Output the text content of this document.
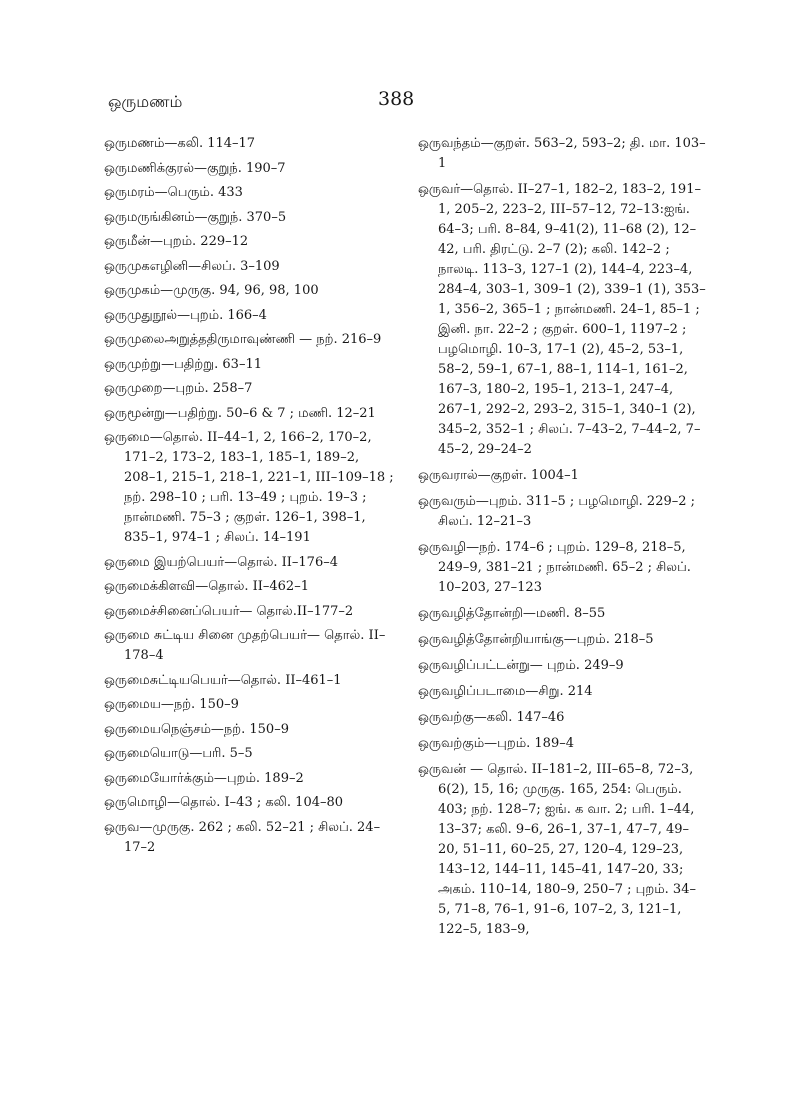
ஒருமணம்	388
ஒருமணம்—கலி. 114–17
ஒருமணிக்குரல்—குறுந். 190–7
ஒருமரம்—பெரும். 433
ஒருமருங்கினம்—குறுந். 370–5
ஒருமீன்—புறம். 229–12
ஒருமுகஎழினி—சிலப். 3–109
ஒருமுகம்—முருகு. 94, 96, 98, 100
ஒருமுதுநூல்—புறம். 166–4
ஒருமுலைஅறுத்ததிருமாவுண்ணி — நற். 216–9
ஒருமுற்று—பதிற்று. 63–11
ஒருமுறை—புறம். 258–7
ஒருமூன்று—பதிற்று. 50–6 & 7 ; மணி. 12–21
ஒருமை—தொல். II–44–1, 2, 166–2, 170–2, 171–2, 173–2, 183–1, 185–1, 189–2, 208–1, 215–1, 218–1, 221–1, III–109–18 ; நற். 298–10 ; பரி. 13–49 ; புறம். 19–3 ; நான்மணி. 75–3 ; குறள். 126–1, 398–1, 835–1, 974–1 ; சிலப். 14–191
ஒருமை இயற்பெயர்—தொல். II–176–4
ஒருமைக்கிளவி—தொல். II–462–1
ஒருமைச்சினைப்பெயர்— தொல்.II–177–2
ஒருமை சுட்டிய சினை முதற்பெயர்— தொல். II–178–4
ஒருமைசுட்டியபெயர்—தொல். II–461–1
ஒருமைய—நற். 150–9
ஒருமையநெஞ்சம்—நற். 150–9
ஒருமையொடு—பரி. 5–5
ஒருமையோர்க்கும்—புறம். 189–2
ஒருமொழி—தொல். I–43 ; கலி. 104–80
ஒருவ—முருகு. 262 ; கலி. 52–21 ; சிலப். 24–17–2
ஒருவந்தம்—குறள். 563–2, 593–2; தி. மா. 103–1
ஒருவர்—தொல். II–27–1, 182–2, 183–2, 191–1, 205–2, 223–2, III–57–12, 72–13:ஐங். 64–3; பரி. 8–84, 9–41(2), 11–68 (2), 12–42, பரி. திரட்டு. 2–7 (2); கலி. 142–2 ; நாலடி. 113–3, 127–1 (2), 144–4, 223–4, 284–4, 303–1, 309–1 (2), 339–1 (1), 353–1, 356–2, 365–1 ; நான்மணி. 24–1, 85–1 ; இனி. நா. 22–2 ; குறள். 600–1, 1197–2 ; பழமொழி. 10–3, 17–1 (2), 45–2, 53–1, 58–2, 59–1, 67–1, 88–1, 114–1, 161–2, 167–3, 180–2, 195–1, 213–1, 247–4, 267–1, 292–2, 293–2, 315–1, 340–1 (2), 345–2, 352–1 ; சிலப். 7–43–2, 7–44–2, 7–45–2, 29–24–2
ஒருவரால்—குறள். 1004–1
ஒருவரும்—புறம். 311–5 ; பழமொழி. 229–2 ; சிலப். 12–21–3
ஒருவழி—நற். 174–6 ; புறம். 129–8, 218–5, 249–9, 381–21 ; நான்மணி. 65–2 ; சிலப். 10–203, 27–123
ஒருவழித்தோன்றி—மணி. 8–55
ஒருவழித்தோன்றியாங்கு—புறம். 218–5
ஒருவழிப்பட்டன்று— புறம். 249–9
ஒருவழிப்படாமை—சிறு. 214
ஒருவற்கு—கலி. 147–46
ஒருவற்கும்—புறம். 189–4
ஒருவன் — தொல். II–181–2, III–65–8, 72–3, 6(2), 15, 16; முருகு. 165, 254: பெரும். 403; நற். 128–7; ஐங். க வா. 2; பரி. 1–44, 13–37; கலி. 9–6, 26–1, 37–1, 47–7, 49–20, 51–11, 60–25, 27, 120–4, 129–23, 143–12, 144–11, 145–41, 147–20, 33; அகம். 110–14, 180–9, 250–7 ; புறம். 34–5, 71–8, 76–1, 91–6, 107–2, 3, 121–1, 122–5, 183–9,
